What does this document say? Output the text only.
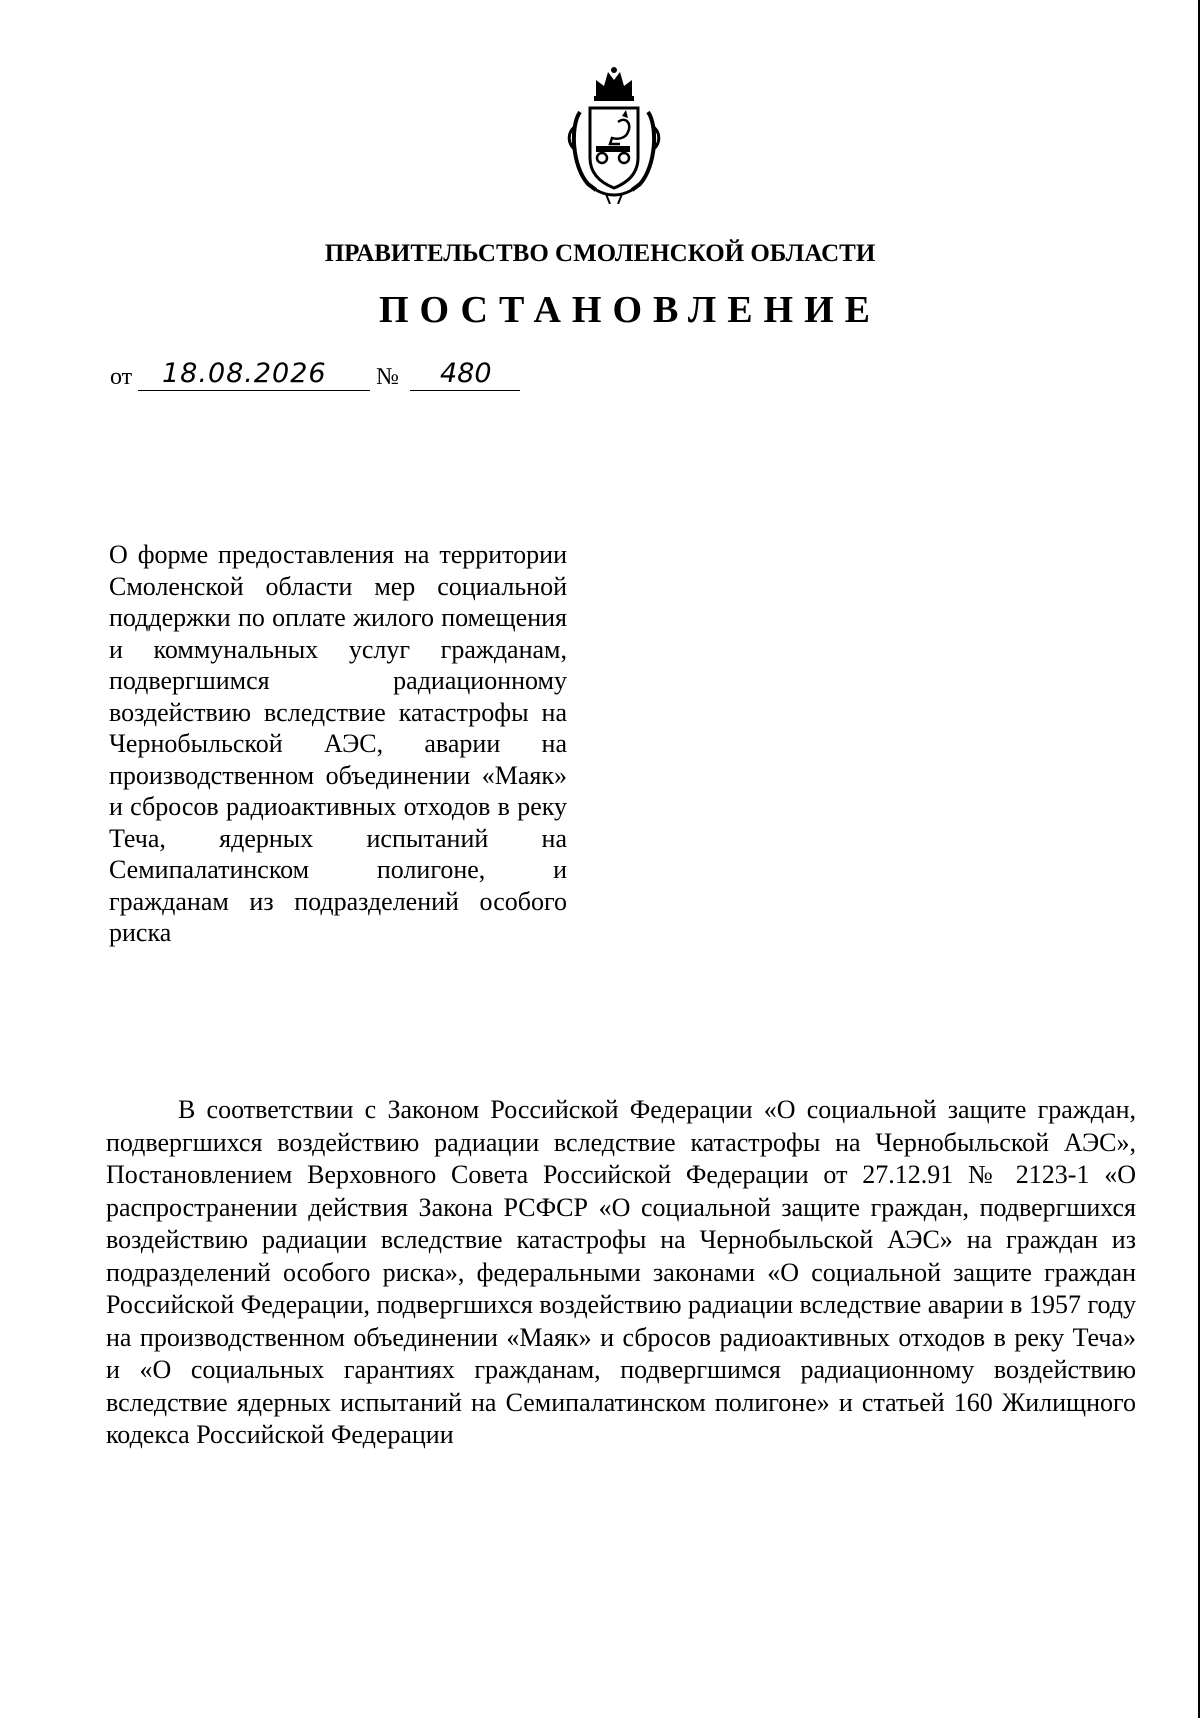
ПРАВИТЕЛЬСТВО СМОЛЕНСКОЙ ОБЛАСТИ
ПОСТАНОВЛЕНИЕ
от	18.08.2026	№	480
О форме предоставления на территории Смоленской области мер социальной поддержки по оплате жилого помещения и коммунальных услуг гражданам, подвергшимся радиационному воздействию вследствие катастрофы на Чернобыльской АЭС, аварии на производственном объединении «Маяк» и сбросов радиоактивных отходов в реку Теча, ядерных испытаний на Семипалатинском полигоне, и гражданам из подразделений особого риска
В соответствии с Законом Российской Федерации «О социальной защите граждан, подвергшихся воздействию радиации вследствие катастрофы на Чернобыльской АЭС», Постановлением Верховного Совета Российской Федерации от 27.12.91 № 2123-1 «О распространении действия Закона РСФСР «О социальной защите граждан, подвергшихся воздействию радиации вследствие катастрофы на Чернобыльской АЭС» на граждан из подразделений особого риска», федеральными законами «О социальной защите граждан Российской Федерации, подвергшихся воздействию радиации вследствие аварии в 1957 году на производственном объединении «Маяк» и сбросов радиоактивных отходов в реку Теча» и «О социальных гарантиях гражданам, подвергшимся радиационному воздействию вследствие ядерных испытаний на Семипалатинском полигоне» и статьей 160 Жилищного кодекса Российской Федерации
